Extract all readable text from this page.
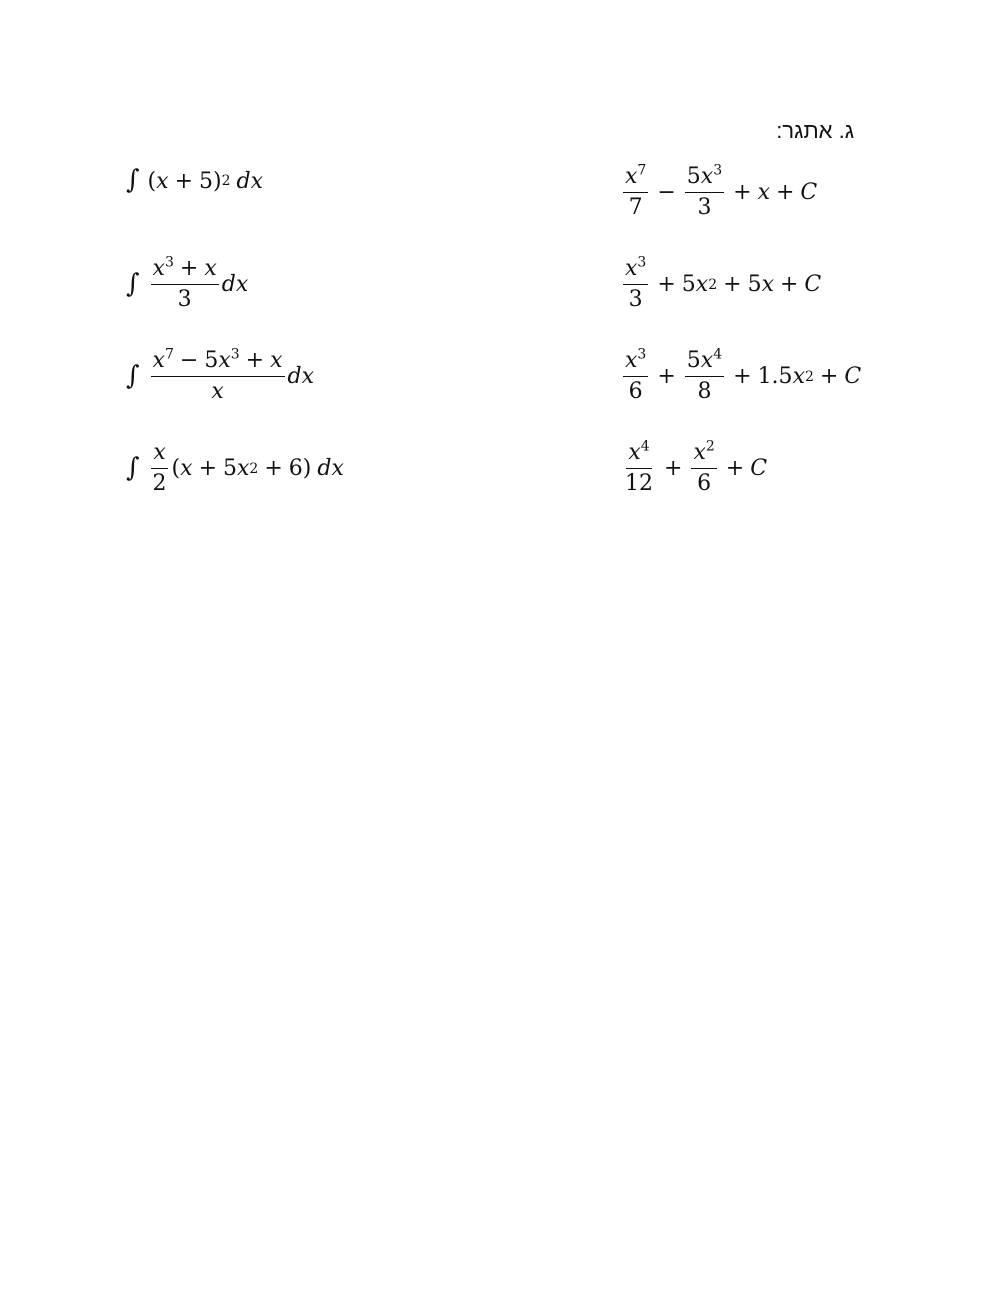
ג. אתגר:
∫ ( x + 5) 2 dx
∫ $\frac{x^3 + x}{3}$ dx
∫ $\frac{x^7 - 5x^3 + x}{x}$ dx
∫ $\frac{x}{2}$ ( x + 5 x 2 + 6) dx
$\frac{x^7}{7} - \frac{5x^3}{3} + x + C$
$\frac{x^3}{3} + 5$ x 2 + 5 x + C
$\frac{x^3}{6} + \frac{5x^4}{8} + 1.5$ x 2 + C
$\frac{x^4}{12} + \frac{x^2}{6} + C$
